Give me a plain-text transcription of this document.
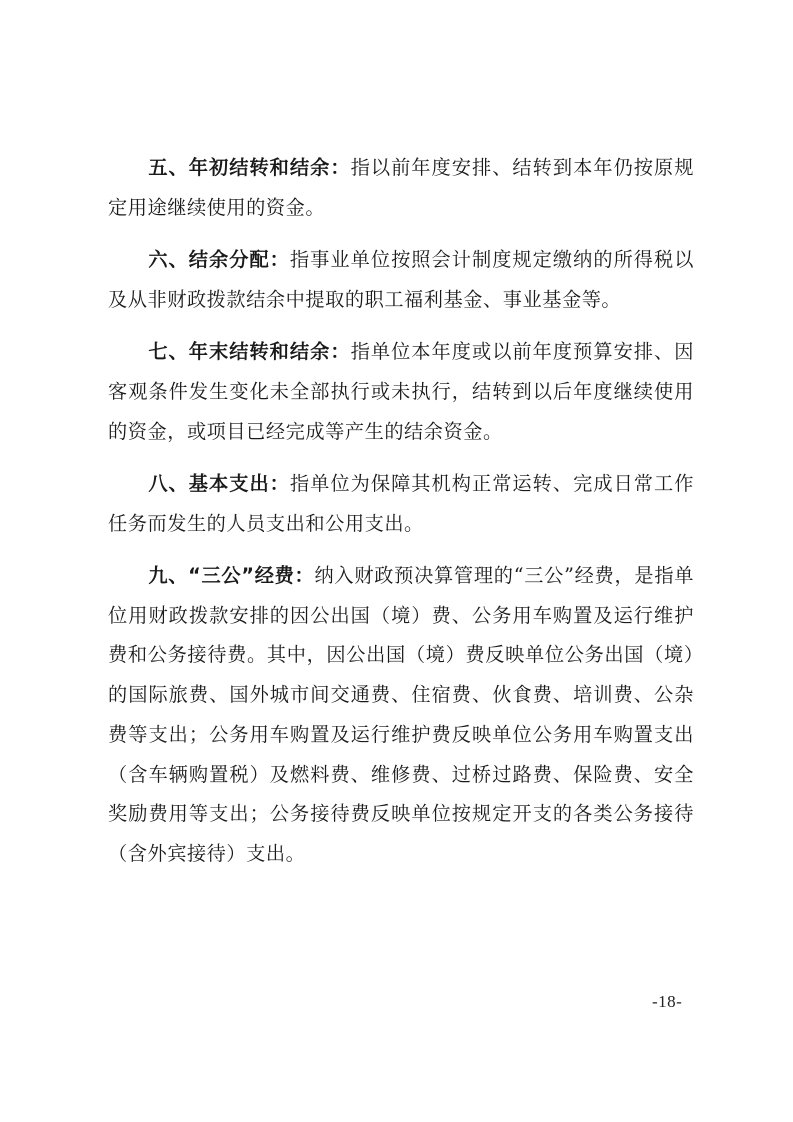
五、年初结转和结余：指以前年度安排、结转到本年仍按原规定用途继续使用的资金。

六、结余分配：指事业单位按照会计制度规定缴纳的所得税以及从非财政拨款结余中提取的职工福利基金、事业基金等。

七、年末结转和结余：指单位本年度或以前年度预算安排、因客观条件发生变化未全部执行或未执行，结转到以后年度继续使用的资金，或项目已经完成等产生的结余资金。

八、基本支出：指单位为保障其机构正常运转、完成日常工作任务而发生的人员支出和公用支出。

九、“三公”经费：纳入财政预决算管理的“三公”经费，是指单位用财政拨款安排的因公出国（境）费、公务用车购置及运行维护费和公务接待费。其中，因公出国（境）费反映单位公务出国（境）的国际旅费、国外城市间交通费、住宿费、伙食费、培训费、公杂费等支出；公务用车购置及运行维护费反映单位公务用车购置支出（含车辆购置税）及燃料费、维修费、过桥过路费、保险费、安全奖励费用等支出；公务接待费反映单位按规定开支的各类公务接待（含外宾接待）支出。

-18-
